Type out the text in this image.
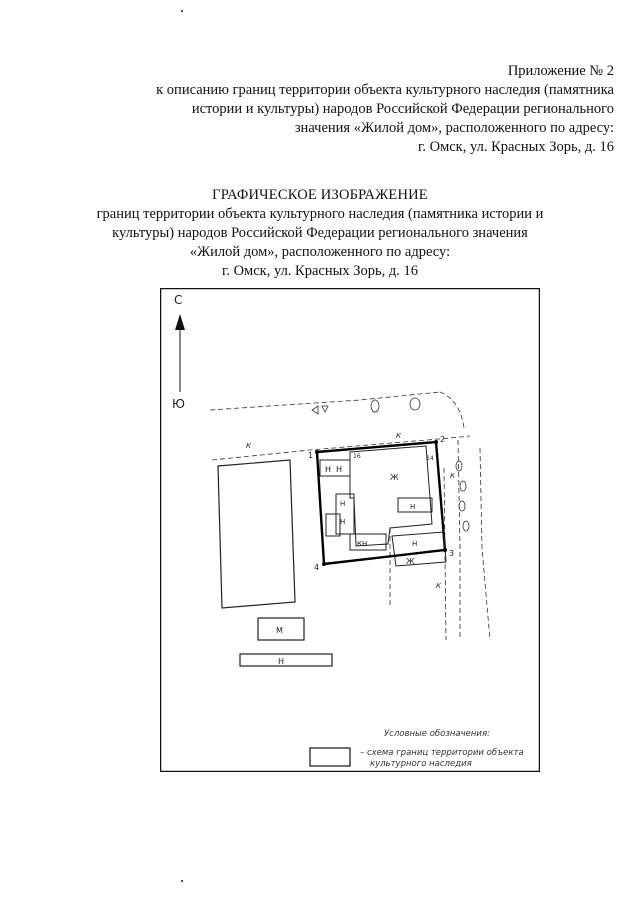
Приложение № 2
к описанию границ территории объекта культурного наследия (памятника
истории и культуры) народов Российской Федерации регионального
значения «Жилой дом», расположенного по адресу:
г. Омск, ул. Красных Зорь, д. 16
ГРАФИЧЕСКОЕ ИЗОБРАЖЕНИЕ
границ территории объекта культурного наследия (памятника истории и
культуры) народов Российской Федерации регионального значения
«Жилой дом», расположенного по адресу:
г. Омск, ул. Красных Зорь, д. 16
С
Ю
М
Н
Н Н
16
Ж
Н
Н
КН
Н
Н
Ж
14
1
2
3
4
К
К
К
К
Условные обозначения:
– схема границ территории объекта
культурного наследия
